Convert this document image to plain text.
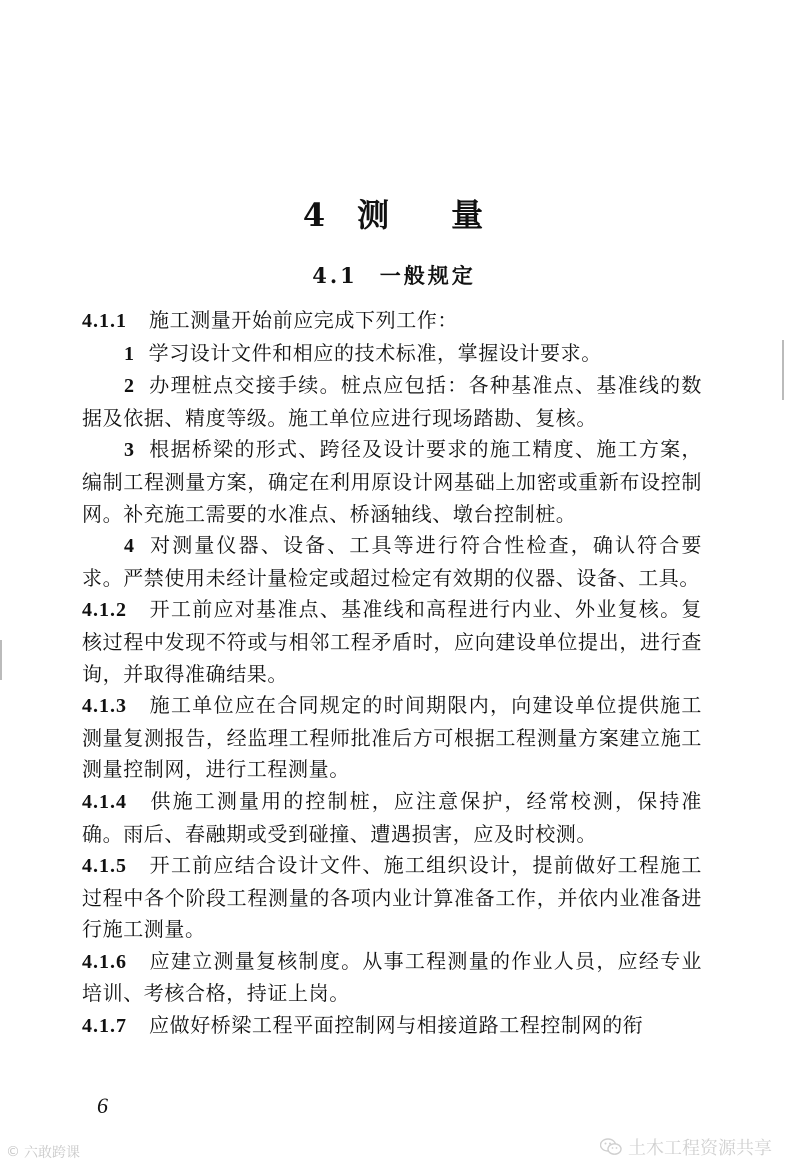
4 测 量
4.1 一般规定

4.1.1 施工测量开始前应完成下列工作：

1 学习设计文件和相应的技术标准，掌握设计要求。

2 办理桩点交接手续。桩点应包括：各种基准点、基准线的数据及依据、精度等级。施工单位应进行现场踏勘、复核。

3 根据桥梁的形式、跨径及设计要求的施工精度、施工方案，编制工程测量方案，确定在利用原设计网基础上加密或重新布设控制网。补充施工需要的水准点、桥涵轴线、墩台控制桩。

4 对测量仪器、设备、工具等进行符合性检查，确认符合要求。严禁使用未经计量检定或超过检定有效期的仪器、设备、工具。

4.1.2 开工前应对基准点、基准线和高程进行内业、外业复核。复核过程中发现不符或与相邻工程矛盾时，应向建设单位提出，进行查询，并取得准确结果。

4.1.3 施工单位应在合同规定的时间期限内，向建设单位提供施工测量复测报告，经监理工程师批准后方可根据工程测量方案建立施工测量控制网，进行工程测量。

4.1.4 供施工测量用的控制桩，应注意保护，经常校测，保持准确。雨后、春融期或受到碰撞、遭遇损害，应及时校测。

4.1.5 开工前应结合设计文件、施工组织设计，提前做好工程施工过程中各个阶段工程测量的各项内业计算准备工作，并依内业准备进行施工测量。

4.1.6 应建立测量复核制度。从事工程测量的作业人员，应经专业培训、考核合格，持证上岗。

4.1.7 应做好桥梁工程平面控制网与相接道路工程控制网的衔

6
© 六敢跨课	土木工程资源共享
